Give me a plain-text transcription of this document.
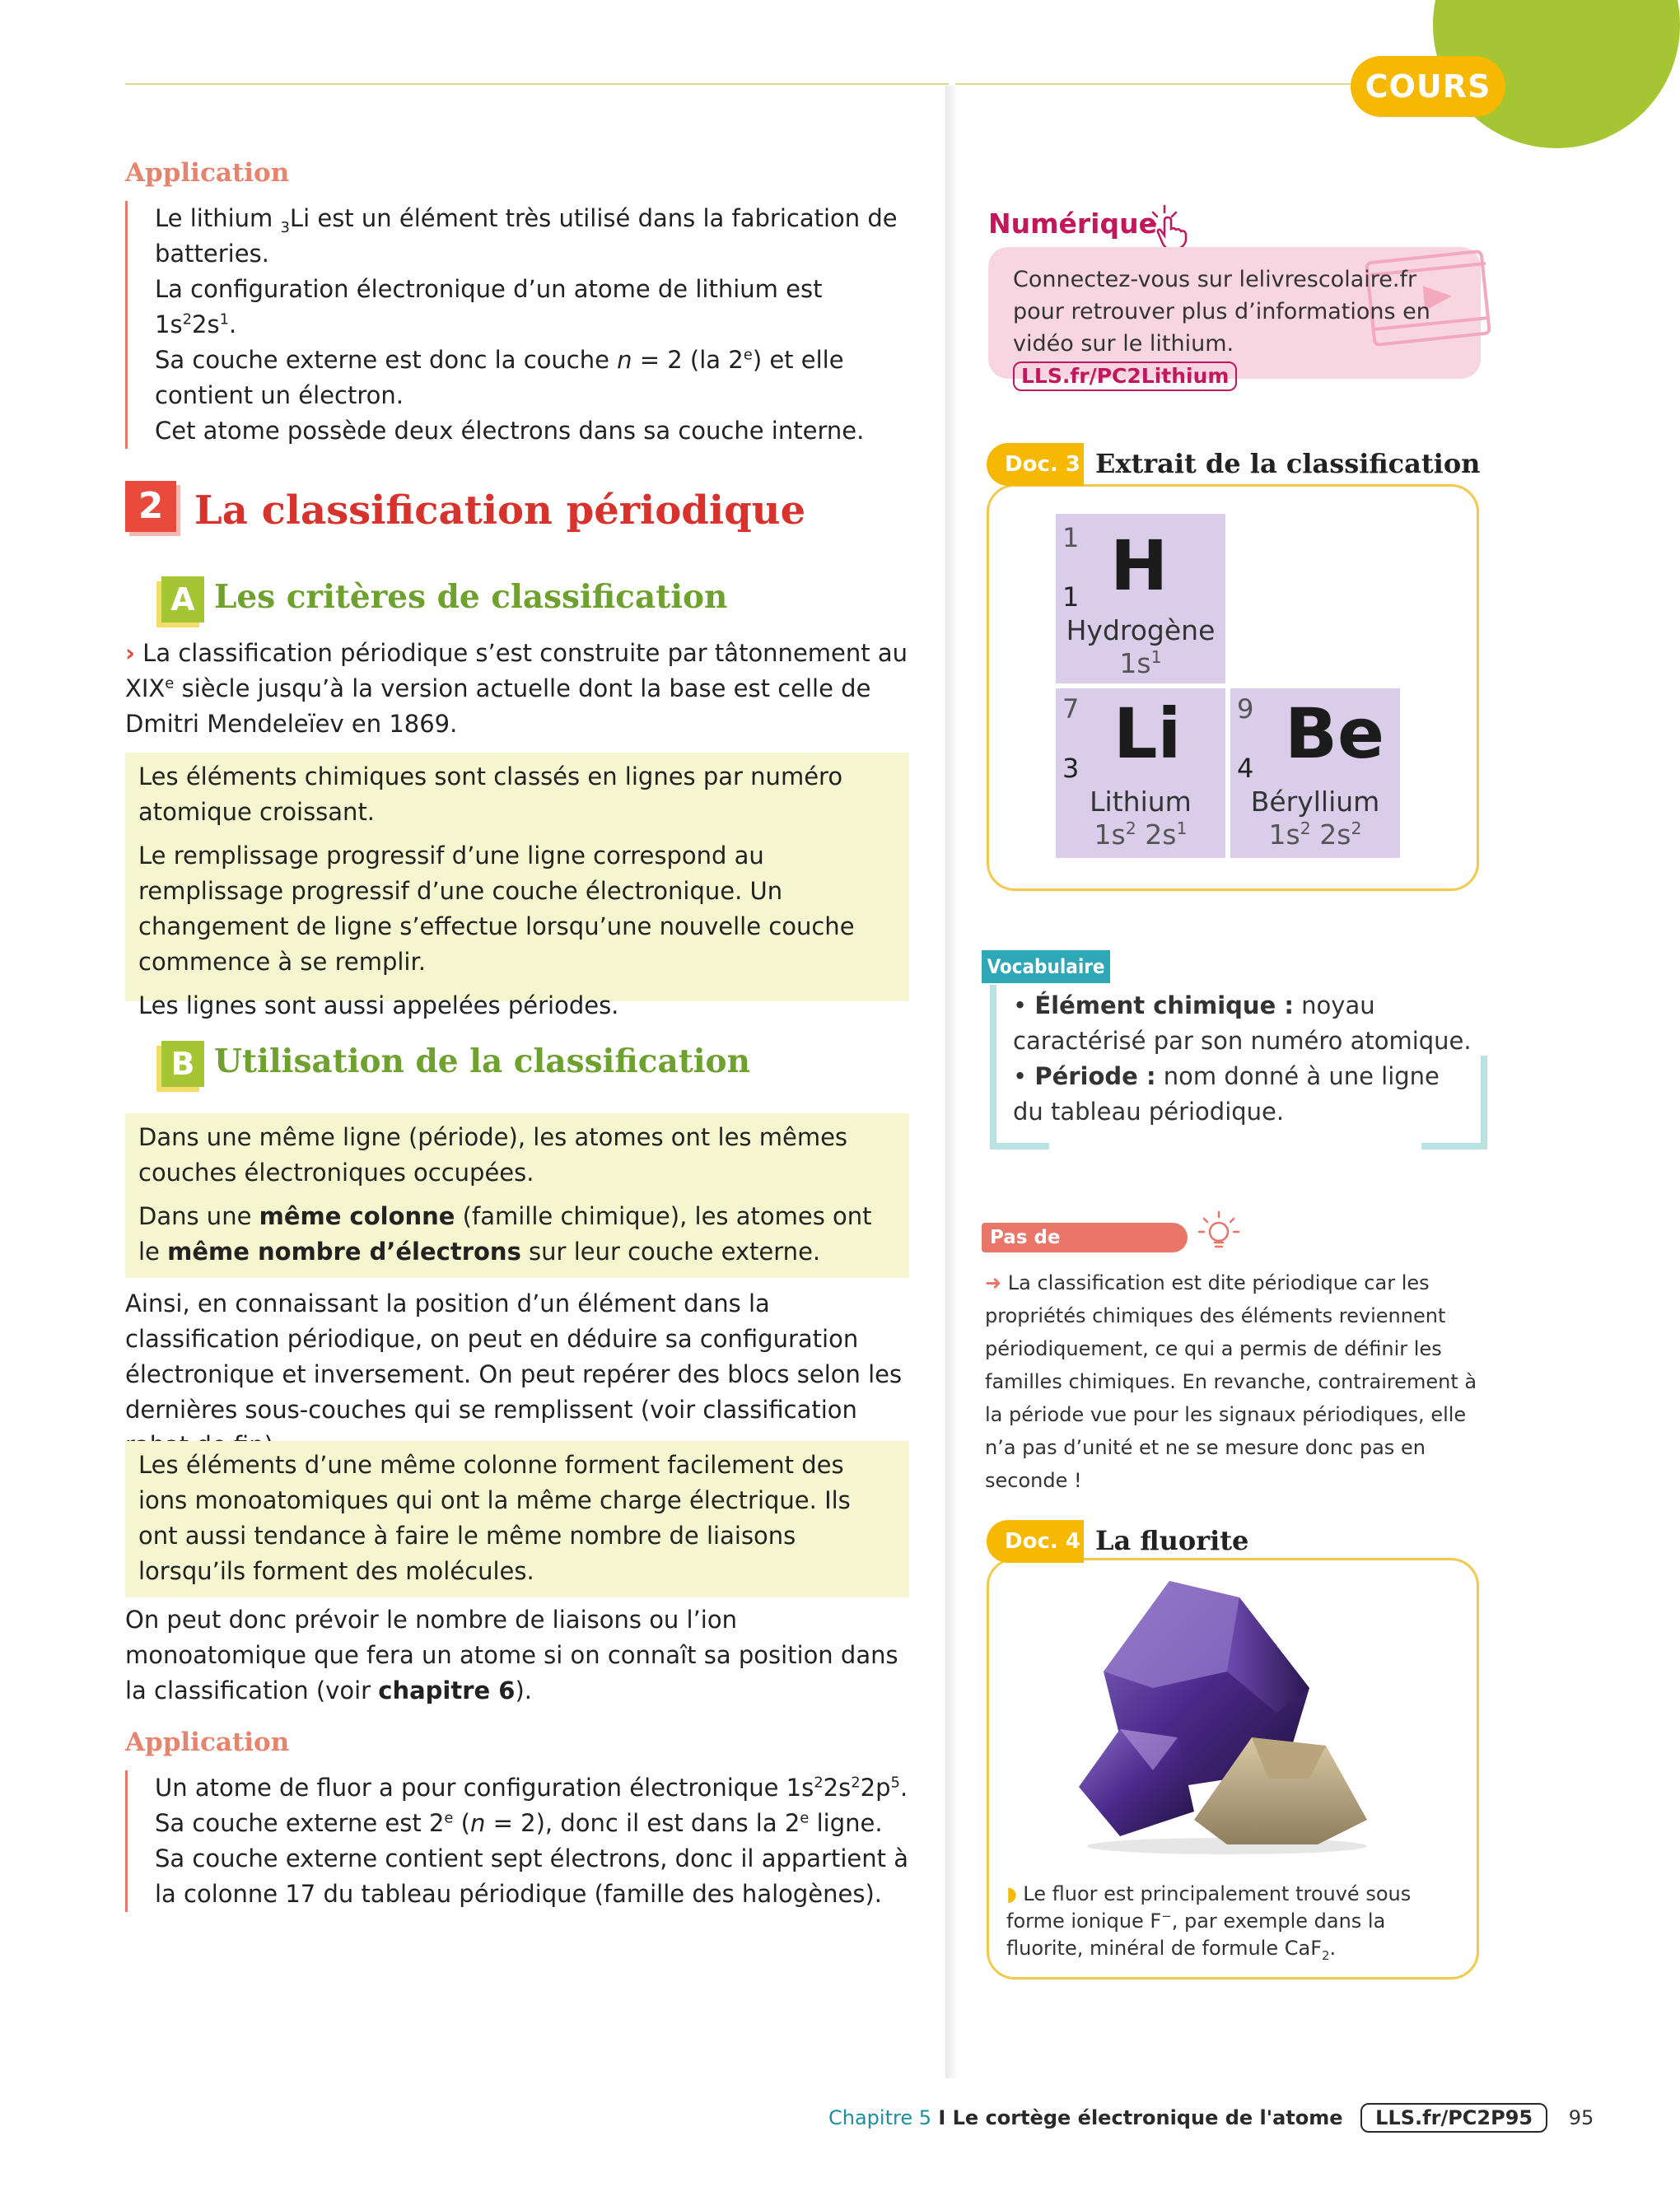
COURS
Application

Le lithium $_3$Li est un élément très utilisé dans la fabrication de batteries.

La configuration électronique d’un atome de lithium est $1s^22s^1$.

Sa couche externe est donc la couche n = 2 (la 2e) et elle contient un électron.

Cet atome possède deux électrons dans sa couche interne.

2 La classification périodique
A Les critères de classification
› La classification périodique s’est construite par tâtonnement au XIXe siècle jusqu’à la version actuelle dont la base est celle de Dmitri Mendeleïev en 1869.

Les éléments chimiques sont classés en lignes par numéro atomique croissant.

Le remplissage progressif d’une ligne correspond au remplissage progressif d’une couche électronique. Un changement de ligne s’effectue lorsqu’une nouvelle couche commence à se remplir.

Les lignes sont aussi appelées périodes.

B Utilisation de la classification

Dans une même ligne (période), les atomes ont les mêmes couches électroniques occupées.

Dans une même colonne (famille chimique), les atomes ont le même nombre d’électrons sur leur couche externe.

Ainsi, en connaissant la position d’un élément dans la classification périodique, on peut en déduire sa configuration électronique et inversement. On peut repérer des blocs selon les dernières sous-couches qui se remplissent (voir classification

Les éléments d’une même colonne forment facilement des ions monoatomiques qui ont la même charge électrique. Ils ont aussi tendance à faire le même nombre de liaisons lorsqu’ils forment des molécules.

On peut donc prévoir le nombre de liaisons ou l’ion monoatomique que fera un atome si on connaît sa position dans la classification (voir chapitre 6).
Application

Un atome de fluor a pour configuration électronique $1s^22s^22p^5$.

Sa couche externe est 2e (n = 2), donc il est dans la 2e ligne.

Sa couche externe contient sept électrons, donc il appartient à la colonne 17 du tableau périodique (famille des halogènes).

Numérique
Connectez-vous sur lelivrescolaire.fr pour retrouver plus d’informations en vidéo sur le lithium. LLS.fr/PC2Lithium
Doc. 3 Extrait de la classification
1
1 H
Hydrogène
$1s^1$
7
3 Li
Lithium
$1s^2$ $2s^1$
9
4 Be
Béryllium
$1s^2$ $2s^2$
Vocabulaire
• Élément chimique : noyau caractérisé par son numéro atomique.
• Période : nom donné à une ligne du tableau périodique.
Pas de malentendu
➜ La classification est dite périodique car les propriétés chimiques des éléments reviennent périodiquement, ce qui a permis de définir les familles chimiques. En revanche, contrairement à la période vue pour les signaux périodiques, elle n’a pas d’unité et ne se mesure donc pas en seconde !
Doc. 4 La fluorite
◗ Le fluor est principalement trouvé sous forme ionique F−, par exemple dans la fluorite, minéral de formule CaF$_2$.
Chapitre 5 I Le cortège électronique de l'atome LLS.fr/PC2P95 95
